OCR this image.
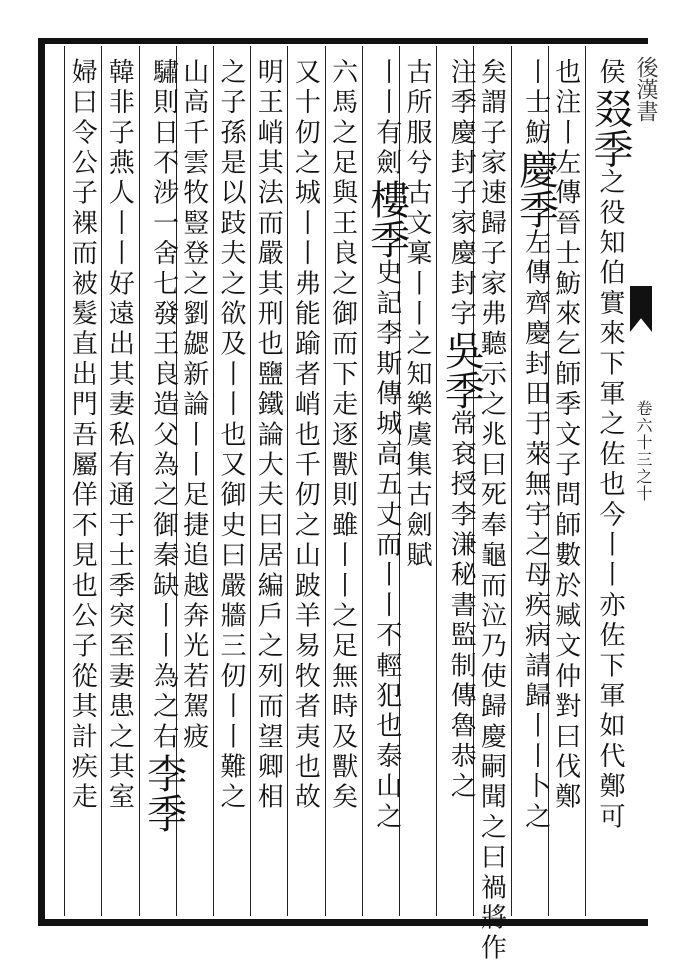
後漢書
卷六十三之十
侯叕季之役知伯實來下軍之佐也今丨丨亦佐下軍如代鄭可
也注丨左傳晉士魴來乞師季文子問師數於臧文仲對曰伐鄭
丨士魴慶季左傳齊慶封田于萊無宇之母疾病請歸丨丨卜之
矣謂子家速歸子家弗聽示之兆曰死奉龜而泣乃使歸慶嗣聞之曰禍將作
注季慶封子家慶封字吳季常袞授李溓秘書監制傳魯恭之
古所服兮古文稟丨丨之知樂虞集古劍賦
丨丨有劍樓季史記李斯傳城高五丈而丨丨不輕犯也泰山之
六馬之足與王良之御而下走逐獸則雖丨丨之足無時及獸矣
又十仞之城丨丨弗能踰者峭也千仞之山跛羊易牧者夷也故
明王峭其法而嚴其刑也鹽鐵論大夫曰居編戶之列而望卿相
之子孫是以跂夫之欲及丨丨也又御史曰嚴牆三仞丨丨難之
山高千雲牧豎登之劉勰新論丨丨足捷追越奔光若駕疲
驌則日不涉一舍七發王良造父為之御秦缺丨丨為之右李季
韓非子燕人丨丨好遠出其妻私有通于士季突至妻患之其室
婦曰令公子裸而被髮直出門吾屬佯不見也公子從其計疾走
